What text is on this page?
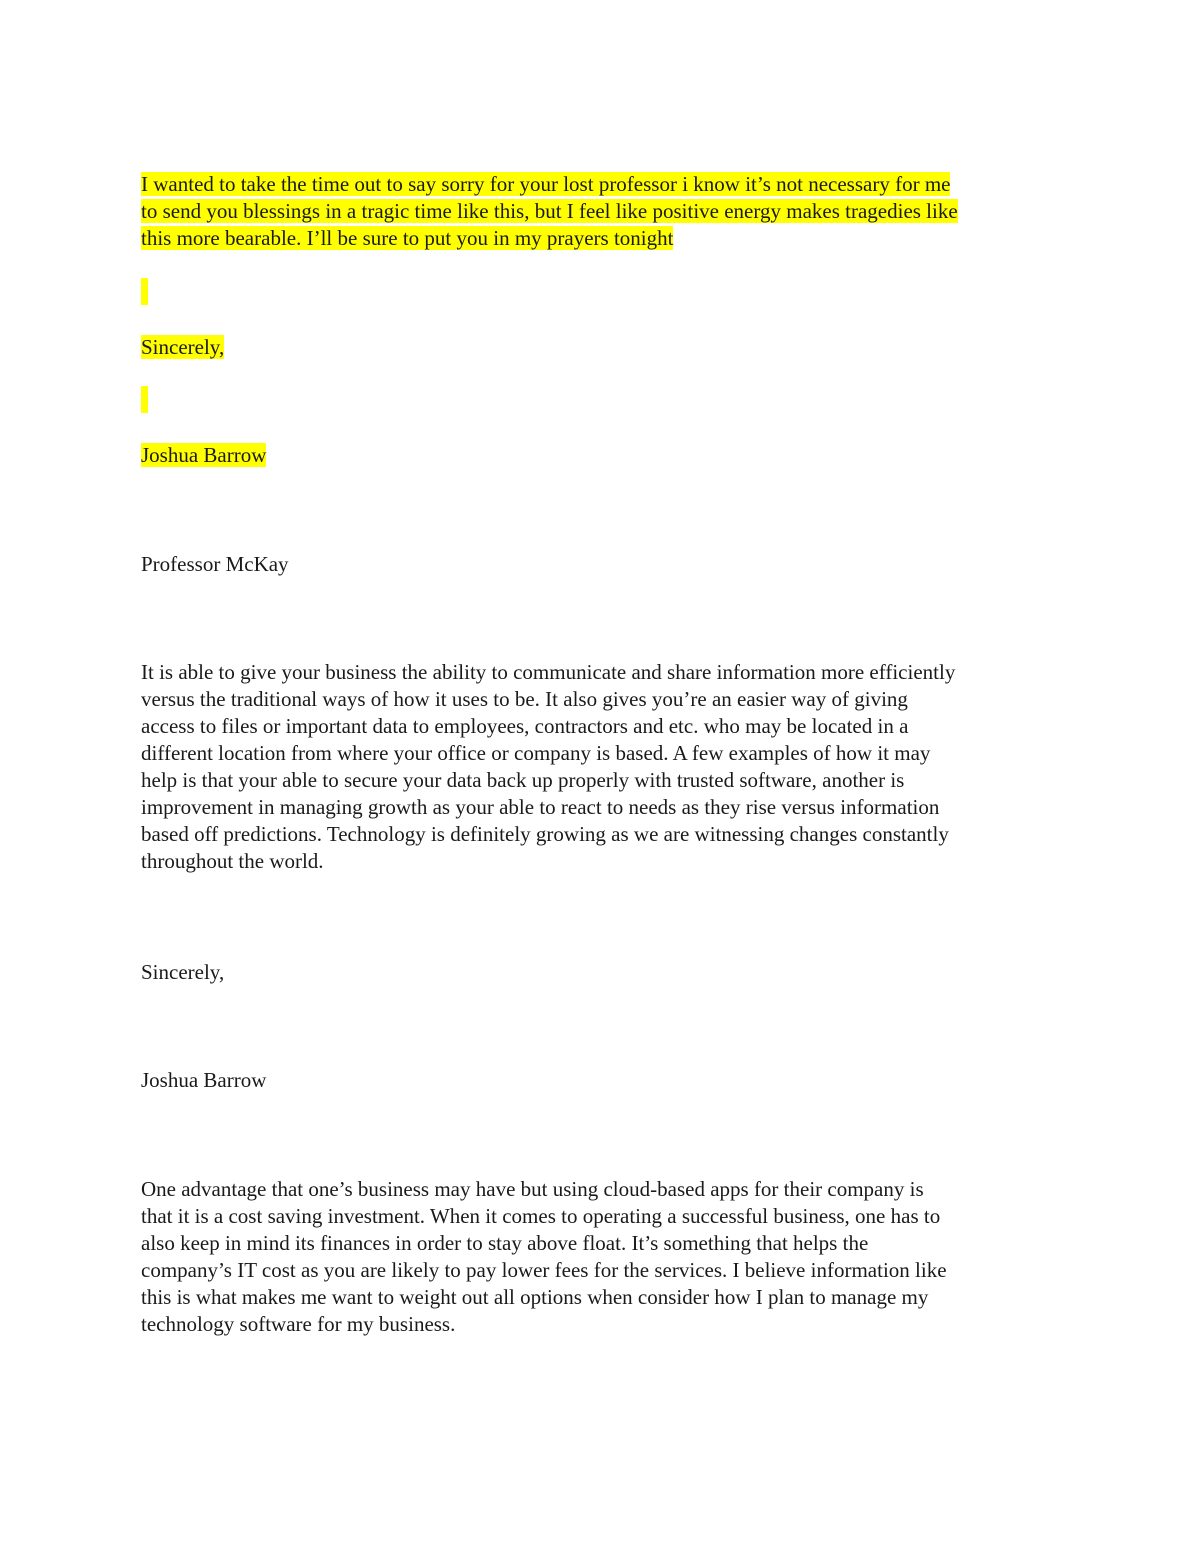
I wanted to take the time out to say sorry for your lost professor i know it’s not necessary for me
to send you blessings in a tragic time like this, but I feel like positive energy makes tragedies like
this more bearable. I’ll be sure to put you in my prayers tonight
Sincerely,
Joshua Barrow
Professor McKay
It is able to give your business the ability to communicate and share information more efficiently
versus the traditional ways of how it uses to be. It also gives you’re an easier way of giving
access to files or important data to employees, contractors and etc. who may be located in a
different location from where your office or company is based. A few examples of how it may
help is that your able to secure your data back up properly with trusted software, another is
improvement in managing growth as your able to react to needs as they rise versus information
based off predictions. Technology is definitely growing as we are witnessing changes constantly
throughout the world.
Sincerely,
Joshua Barrow
One advantage that one’s business may have but using cloud-based apps for their company is
that it is a cost saving investment. When it comes to operating a successful business, one has to
also keep in mind its finances in order to stay above float. It’s something that helps the
company’s IT cost as you are likely to pay lower fees for the services. I believe information like
this is what makes me want to weight out all options when consider how I plan to manage my
technology software for my business.
